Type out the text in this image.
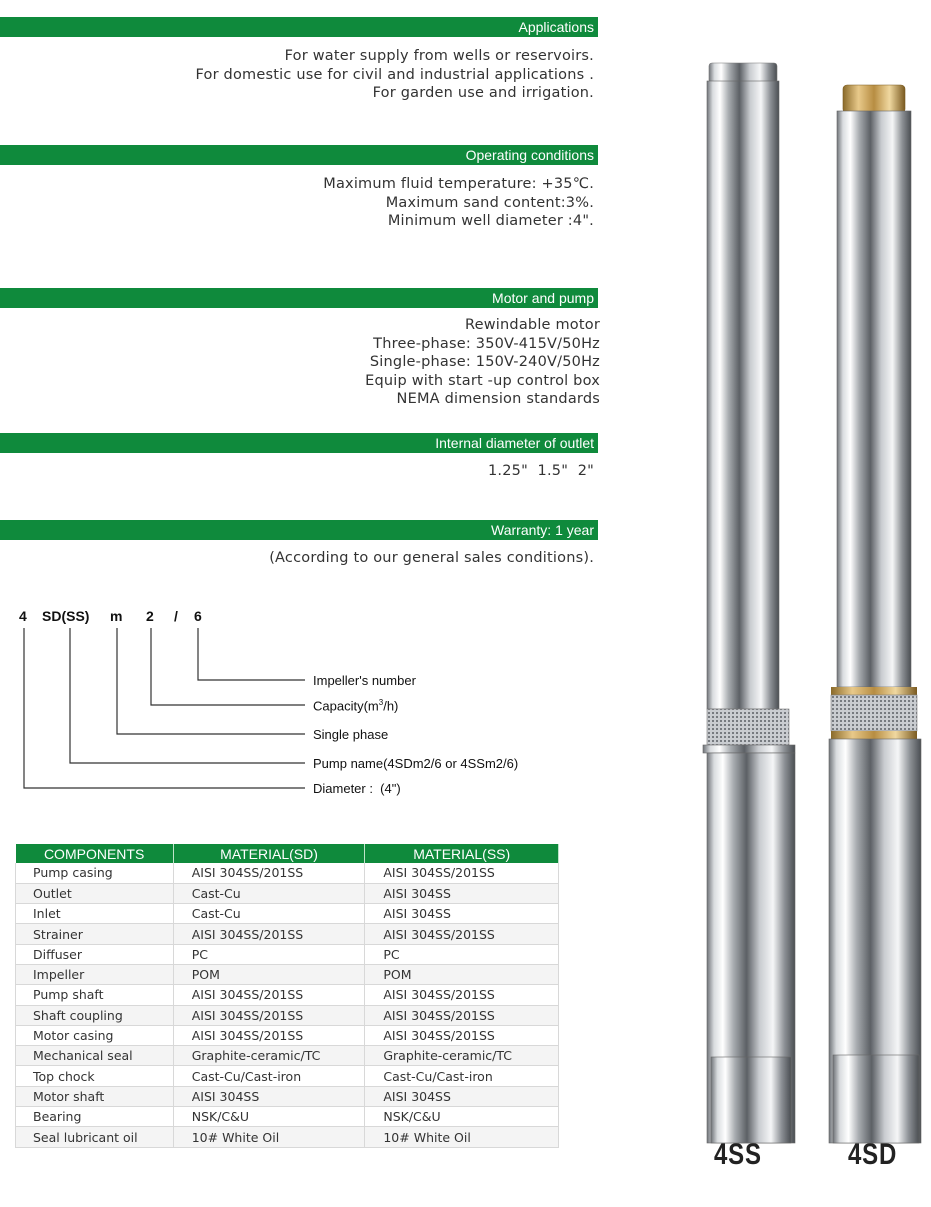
Applications
For water supply from wells or reservoirs.
For domestic use for civil and industrial applications .
For garden use and irrigation.
Operating conditions
Maximum fluid temperature: +35℃.
Maximum sand content:3%.
Minimum well diameter :4".
Motor and pump
Rewindable motor
Three-phase: 350V-415V/50Hz
Single-phase: 150V-240V/50Hz
Equip with start -up control box
NEMA dimension standards
Internal diameter of outlet
1.25"  1.5"  2"
Warranty: 1 year
(According to our general sales conditions).
4 SD(SS) m 2 / 6
Impeller's number
$Capacity(m^3/h)$
Single phase
Pump name(4SDm2/6 or 4SSm2/6)
Diameter :  (4")
COMPONENTS	MATERIAL(SD)	MATERIAL(SS)
Pump casing	AISI 304SS/201SS	AISI 304SS/201SS
Outlet	Cast-Cu	AISI 304SS
Inlet	Cast-Cu	AISI 304SS
Strainer	AISI 304SS/201SS	AISI 304SS/201SS
Diffuser	PC	PC
Impeller	POM	POM
Pump shaft	AISI 304SS/201SS	AISI 304SS/201SS
Shaft coupling	AISI 304SS/201SS	AISI 304SS/201SS
Motor casing	AISI 304SS/201SS	AISI 304SS/201SS
Mechanical seal	Graphite-ceramic/TC	Graphite-ceramic/TC
Top chock	Cast-Cu/Cast-iron	Cast-Cu/Cast-iron
Motor shaft	AISI 304SS	AISI 304SS
Bearing	NSK/C&U	NSK/C&U
Seal lubricant oil	10# White Oil	10# White Oil
4SS	4SD
